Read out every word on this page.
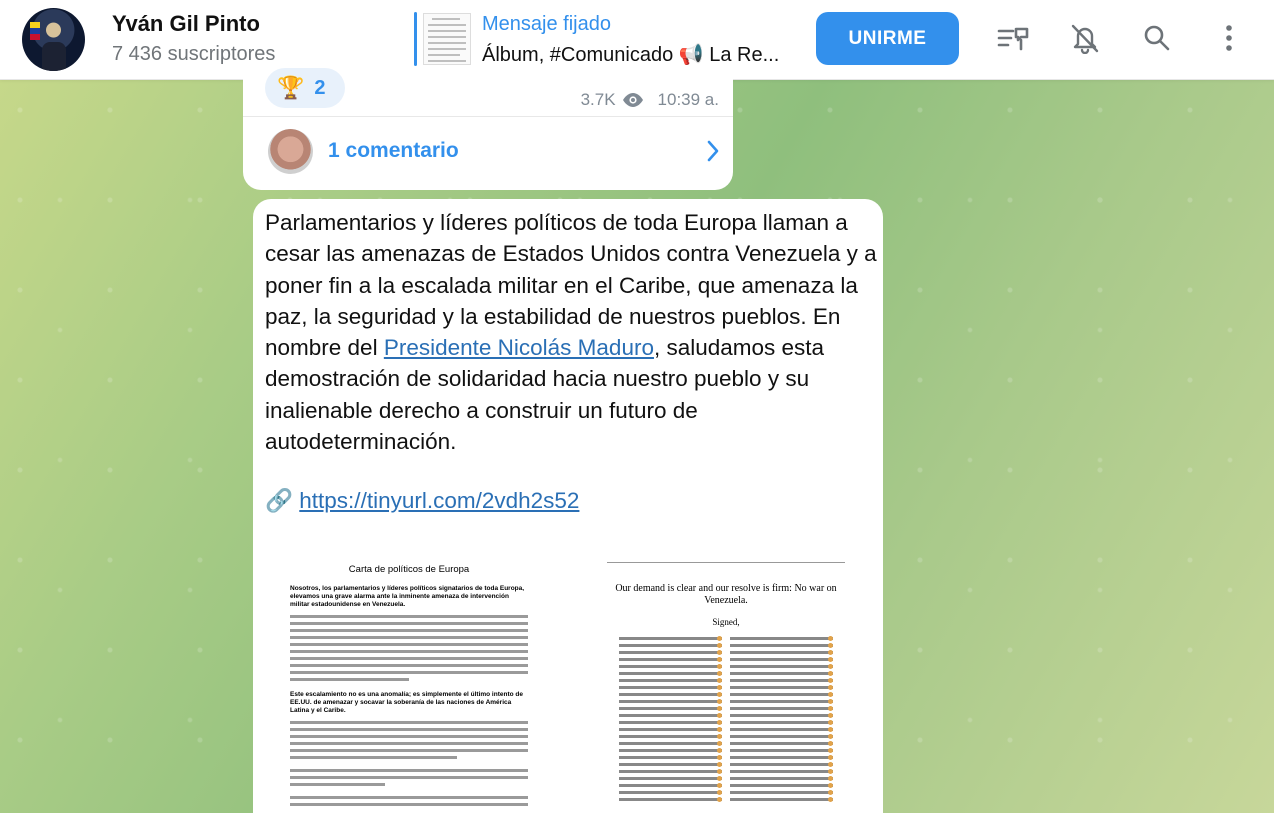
Yván Gil Pinto
7 436 suscriptores
Mensaje fijado
Álbum, #Comunicado 📢 La Re...
UNIRME
🏆 2
3.7K 10:39 a.
1 comentario
Parlamentarios y líderes políticos de toda Europa llaman a cesar las amenazas de Estados Unidos contra Venezuela y a poner fin a la escalada militar en el Caribe, que amenaza la paz, la seguridad y la estabilidad de nuestros pueblos. En nombre del Presidente Nicolás Maduro, saludamos esta demostración de solidaridad hacia nuestro pueblo y su inalienable derecho a construir un futuro de autodeterminación.
🔗 https://tinyurl.com/2vdh2s52
Carta de políticos de Europa

Nosotros, los parlamentarios y líderes políticos signatarios de toda Europa, elevamos una grave alarma ante la inminente amenaza de intervención militar estadounidense en Venezuela.

Este escalamiento no es una anomalía; es simplemente el último intento de EE.UU. de amenazar y socavar la soberanía de las naciones de América Latina y el Caribe.

Our demand is clear and our resolve is firm: No war on Venezuela.
Signed,
